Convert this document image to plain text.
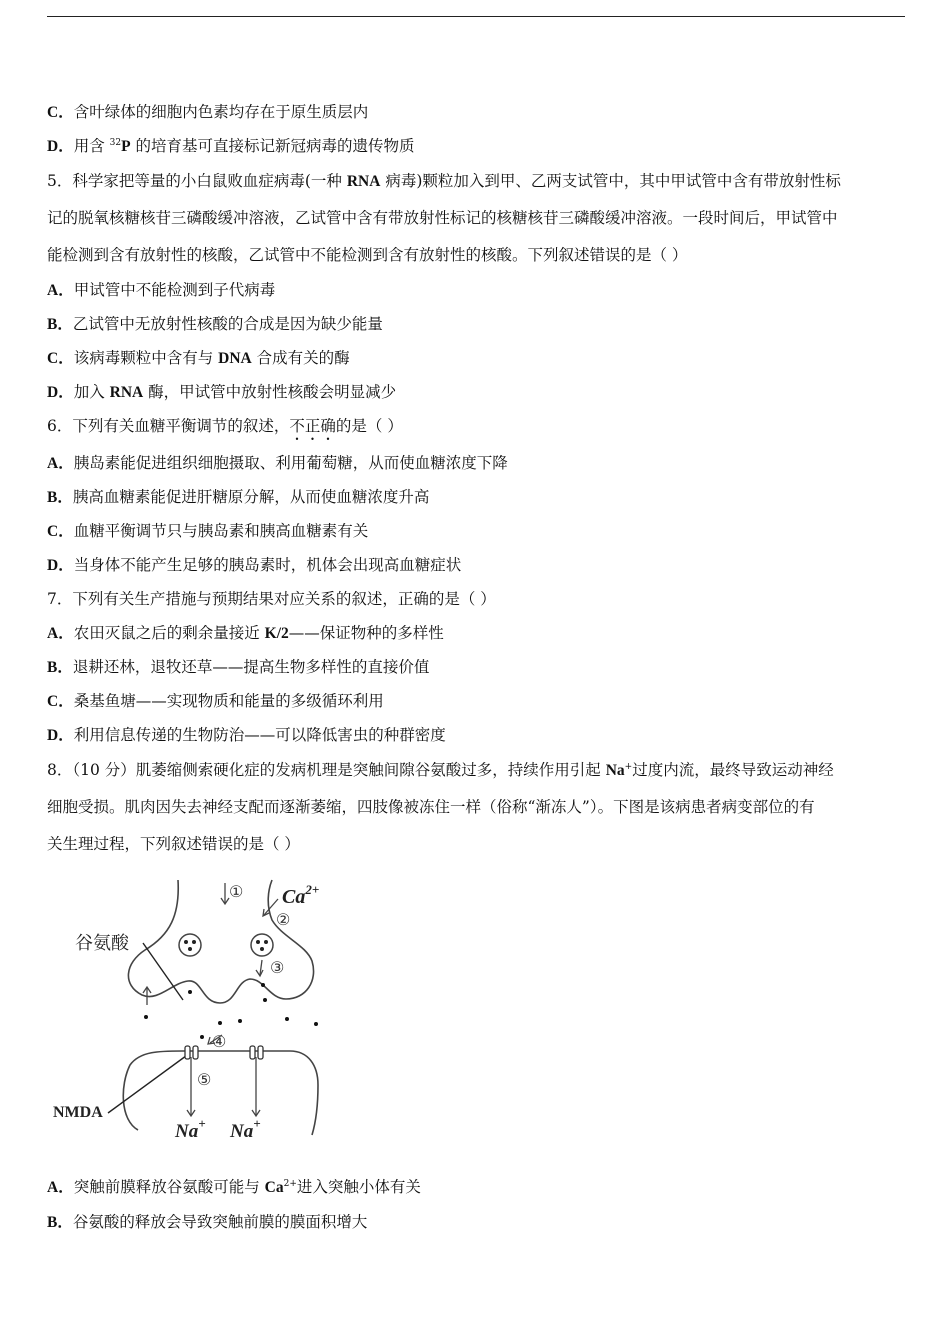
C．含叶绿体的细胞内色素均存在于原生质层内
D．用含 $^{32}$P 的培育基可直接标记新冠病毒的遗传物质
5．科学家把等量的小白鼠败血症病毒(一种 RNA 病毒)颗粒加入到甲、乙两支试管中，其中甲试管中含有带放射性标
记的脱氧核糖核苷三磷酸缓冲溶液，乙试管中含有带放射性标记的核糖核苷三磷酸缓冲溶液。一段时间后，甲试管中
能检测到含有放射性的核酸，乙试管中不能检测到含有放射性的核酸。下列叙述错误的是（ ）
A．甲试管中不能检测到子代病毒
B．乙试管中无放射性核酸的合成是因为缺少能量
C．该病毒颗粒中含有与 DNA 合成有关的酶
D．加入 RNA 酶，甲试管中放射性核酸会明显减少
6．下列有关血糖平衡调节的叙述，不正确的是（ ）
A．胰岛素能促进组织细胞摄取、利用葡萄糖，从而使血糖浓度下降
B．胰高血糖素能促进肝糖原分解，从而使血糖浓度升高
C．血糖平衡调节只与胰岛素和胰高血糖素有关
D．当身体不能产生足够的胰岛素时，机体会出现高血糖症状
7．下列有关生产措施与预期结果对应关系的叙述，正确的是（ ）
A．农田灭鼠之后的剩余量接近 K/2——保证物种的多样性
B．退耕还林，退牧还草——提高生物多样性的直接价值
C．桑基鱼塘——实现物质和能量的多级循环利用
D．利用信息传递的生物防治——可以降低害虫的种群密度
8．（10 分）肌萎缩侧索硬化症的发病机理是突触间隙谷氨酸过多，持续作用引起 Na+过度内流，最终导致运动神经
细胞受损。肌肉因失去神经支配而逐渐萎缩，四肢像被冻住一样（俗称“渐冻人”）。下图是该病患者病变部位的有
关生理过程，下列叙述错误的是（ ）
谷氨酸
NMDA
$Ca^{2+}$
Na+ Na+
①
②
③
④
⑤
A．突触前膜释放谷氨酸可能与 $Ca^{2+}$进入突触小体有关
B．谷氨酸的释放会导致突触前膜的膜面积增大
